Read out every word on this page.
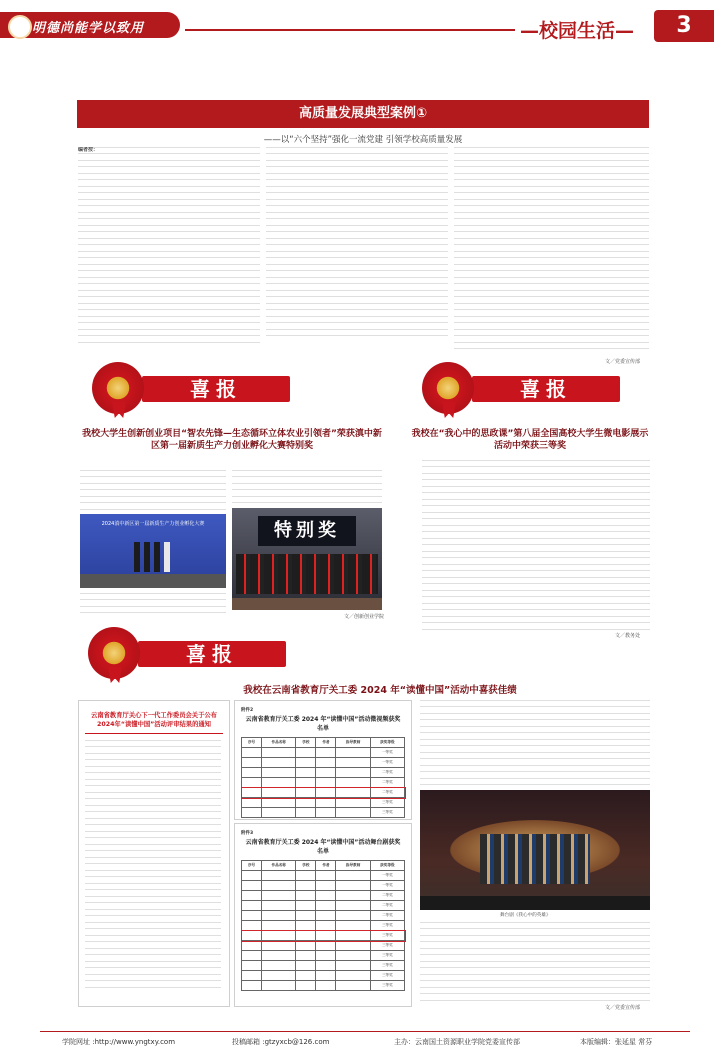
明德尚能学以致用	—校园生活—	3
高质量发展典型案例①
——以“六个坚持”强化一流党建 引领学校高质量发展
编者按：
文／党委宣传部
喜报
我校大学生创新创业项目“智农先锋—生态循环立体农业引领者”荣获滇中新区第一届新质生产力创业孵化大赛特别奖
2024滇中新区第一届新质生产力创业孵化大赛	特别奖
文／创新创业学院
喜报
我校在“我心中的思政课”第八届全国高校大学生微电影展示活动中荣获三等奖
文／教务处
喜报
我校在云南省教育厅关工委 2024 年“读懂中国”活动中喜获佳绩
云南省教育厅关心下一代工作委员会关于公布2024年“读懂中国”活动评审结果的通知
附件2
云南省教育厅关工委 2024 年“读懂中国”活动微视频获奖名单
序号	作品名称	学校	作者	指导教师	获奖等级
					一等奖
					一等奖
					二等奖
					二等奖
					二等奖
					三等奖
					三等奖
附件3
云南省教育厅关工委 2024 年“读懂中国”活动舞台剧获奖名单
序号	作品名称	学校	作者	指导教师	获奖等级
					一等奖
					一等奖
					二等奖
					二等奖
					二等奖
					三等奖
					三等奖
					三等奖
					三等奖
					三等奖
					三等奖
					三等奖
舞台剧《我心中的英雄》
文／党委宣传部
学院网址 :http://www.yngtxy.com	投稿邮箱 :gtzyxcb@126.com	主办：云南国土资源职业学院党委宣传部	本版编辑：张延星 常芬
